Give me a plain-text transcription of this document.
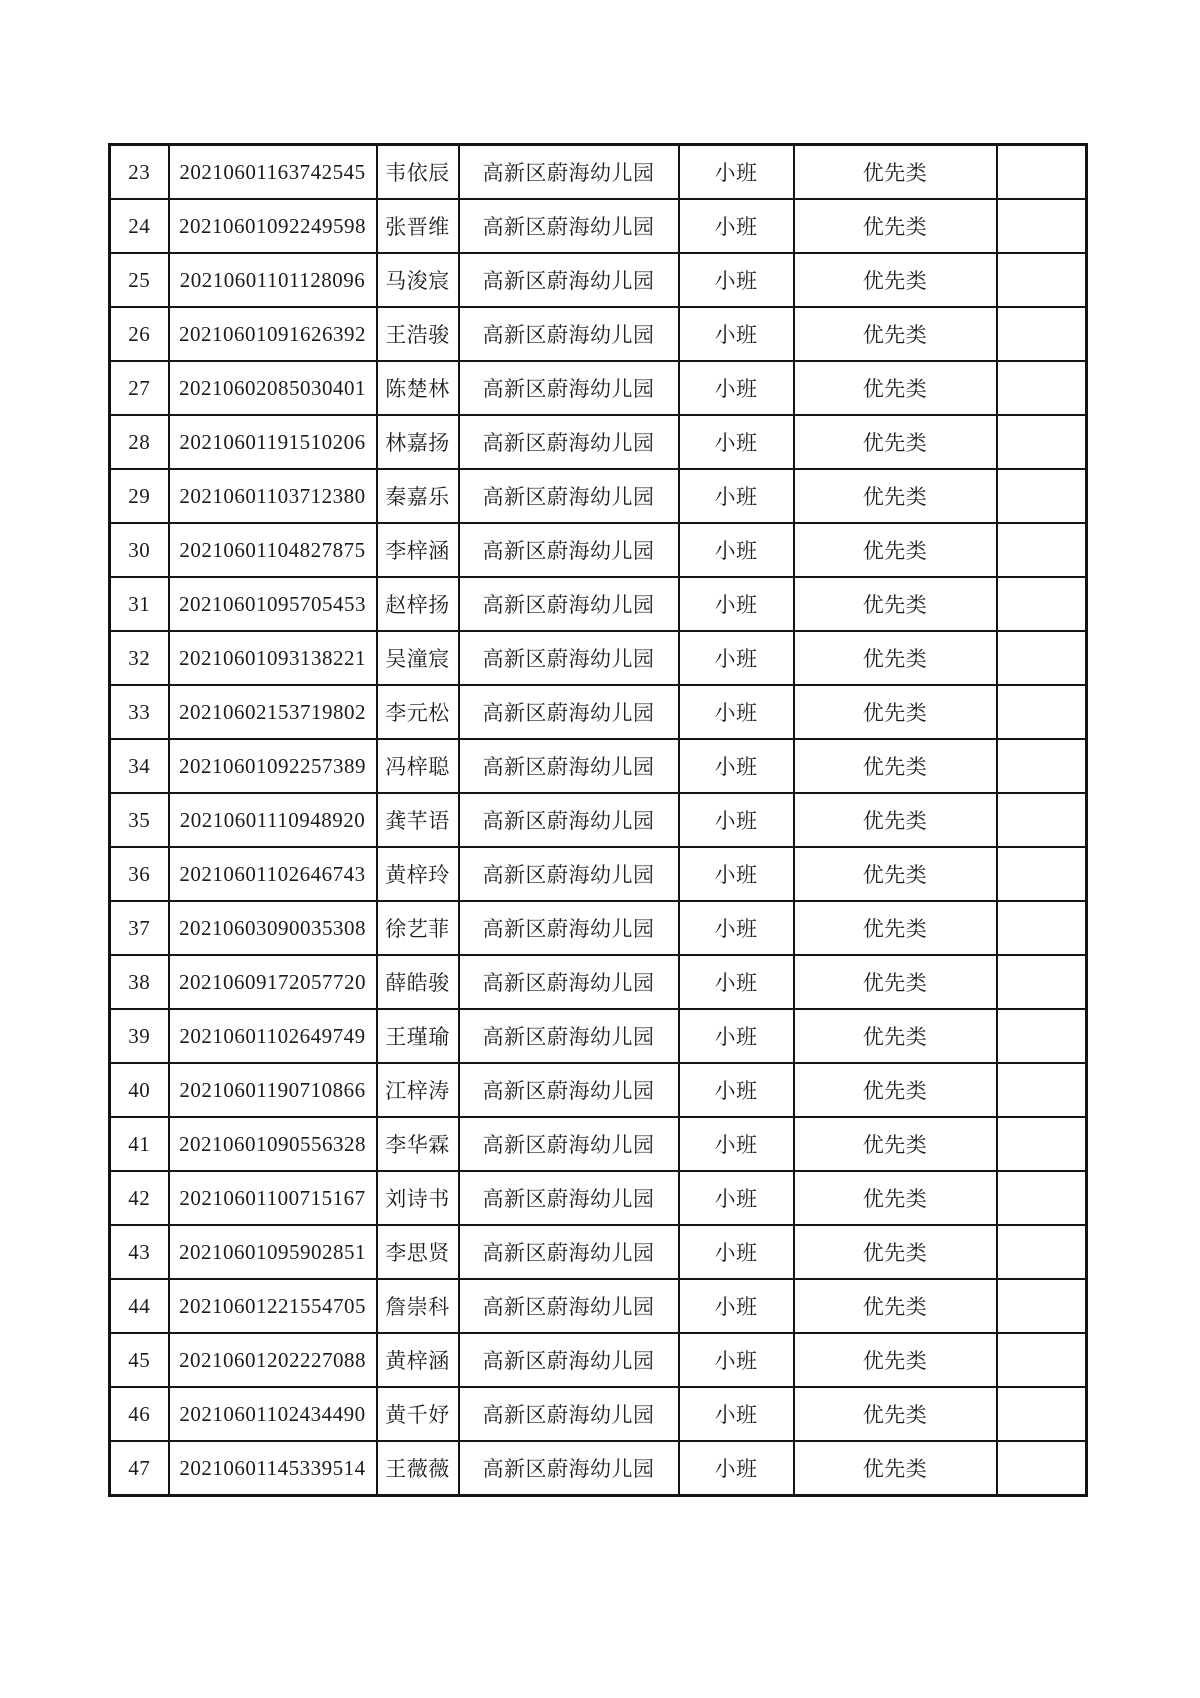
23	20210601163742545	韦依辰	高新区蔚海幼儿园	小班	优先类	
24	20210601092249598	张晋维	高新区蔚海幼儿园	小班	优先类	
25	20210601101128096	马浚宸	高新区蔚海幼儿园	小班	优先类	
26	20210601091626392	王浩骏	高新区蔚海幼儿园	小班	优先类	
27	20210602085030401	陈楚林	高新区蔚海幼儿园	小班	优先类	
28	20210601191510206	林嘉扬	高新区蔚海幼儿园	小班	优先类	
29	20210601103712380	秦嘉乐	高新区蔚海幼儿园	小班	优先类	
30	20210601104827875	李梓涵	高新区蔚海幼儿园	小班	优先类	
31	20210601095705453	赵梓扬	高新区蔚海幼儿园	小班	优先类	
32	20210601093138221	吴潼宸	高新区蔚海幼儿园	小班	优先类	
33	20210602153719802	李元松	高新区蔚海幼儿园	小班	优先类	
34	20210601092257389	冯梓聪	高新区蔚海幼儿园	小班	优先类	
35	20210601110948920	龚芊语	高新区蔚海幼儿园	小班	优先类	
36	20210601102646743	黄梓玲	高新区蔚海幼儿园	小班	优先类	
37	20210603090035308	徐艺菲	高新区蔚海幼儿园	小班	优先类	
38	20210609172057720	薛皓骏	高新区蔚海幼儿园	小班	优先类	
39	20210601102649749	王瑾瑜	高新区蔚海幼儿园	小班	优先类	
40	20210601190710866	江梓涛	高新区蔚海幼儿园	小班	优先类	
41	20210601090556328	李华霖	高新区蔚海幼儿园	小班	优先类	
42	20210601100715167	刘诗书	高新区蔚海幼儿园	小班	优先类	
43	20210601095902851	李思贤	高新区蔚海幼儿园	小班	优先类	
44	20210601221554705	詹崇科	高新区蔚海幼儿园	小班	优先类	
45	20210601202227088	黄梓涵	高新区蔚海幼儿园	小班	优先类	
46	20210601102434490	黄千妤	高新区蔚海幼儿园	小班	优先类	
47	20210601145339514	王薇薇	高新区蔚海幼儿园	小班	优先类	
